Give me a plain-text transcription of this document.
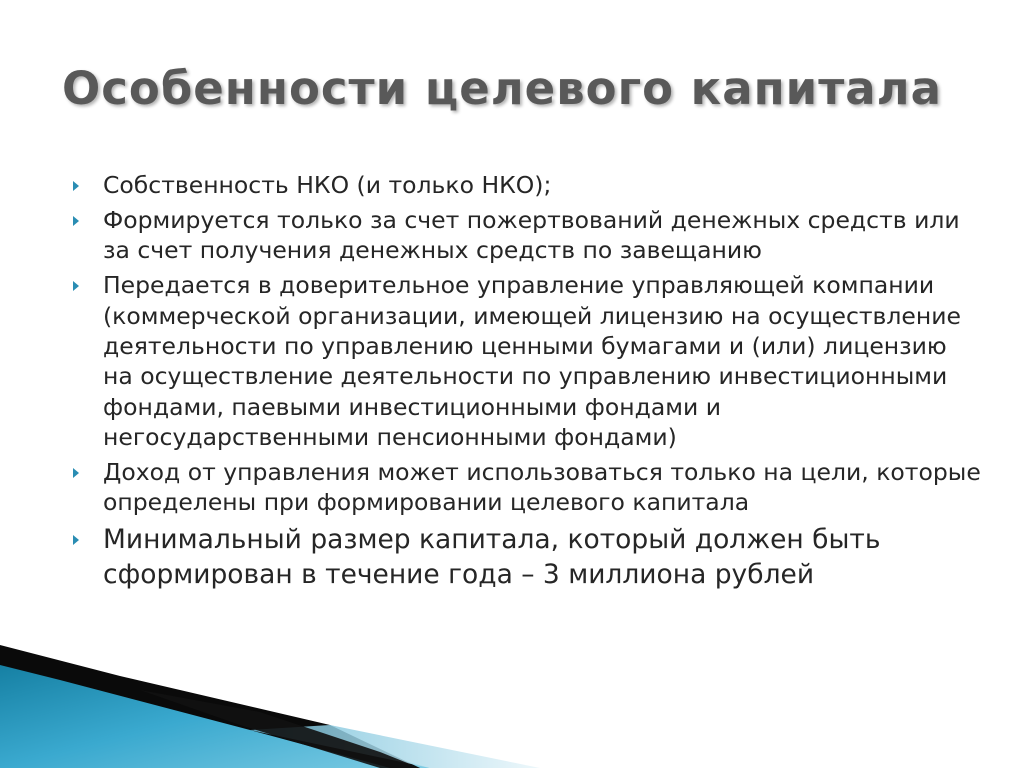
Особенности целевого капитала
Собственность НКО (и только НКО);
Формируется только за счет пожертвований денежных средств или за счет получения денежных средств по завещанию
Передается в доверительное управление управляющей компании (коммерческой организации, имеющей лицензию на осуществление деятельности по управлению ценными бумагами и (или) лицензию на осуществление деятельности по управлению инвестиционными фондами, паевыми инвестиционными фондами и негосударственными пенсионными фондами)
Доход от управления может использоваться только на цели, которые определены при формировании целевого капитала
Минимальный размер капитала, который должен быть сформирован в течение года – 3 миллиона рублей
